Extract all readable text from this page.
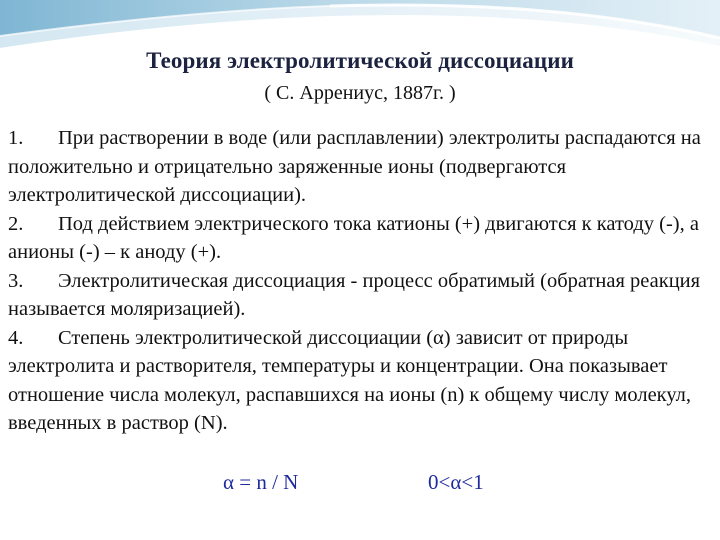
Теория электролитической диссоциации
( С. Аррениус, 1887г. )

1. При растворении в воде (или расплавлении) электролиты распадаются на положительно и отрицательно заряженные ионы (подвергаются электролитической диссоциации).

2. Под действием электрического тока катионы (+) двигаются к катоду (-), а анионы (-) – к аноду (+).

3. Электролитическая диссоциация - процесс обратимый (обратная реакция называется моляризацией).

4. Степень электролитической диссоциации (α) зависит от природы электролита и растворителя, температуры и концентрации. Она показывает отношение числа молекул, распавшихся на ионы (n) к общему числу молекул, введенных в раствор (N).

α = n / N	0<α<1
